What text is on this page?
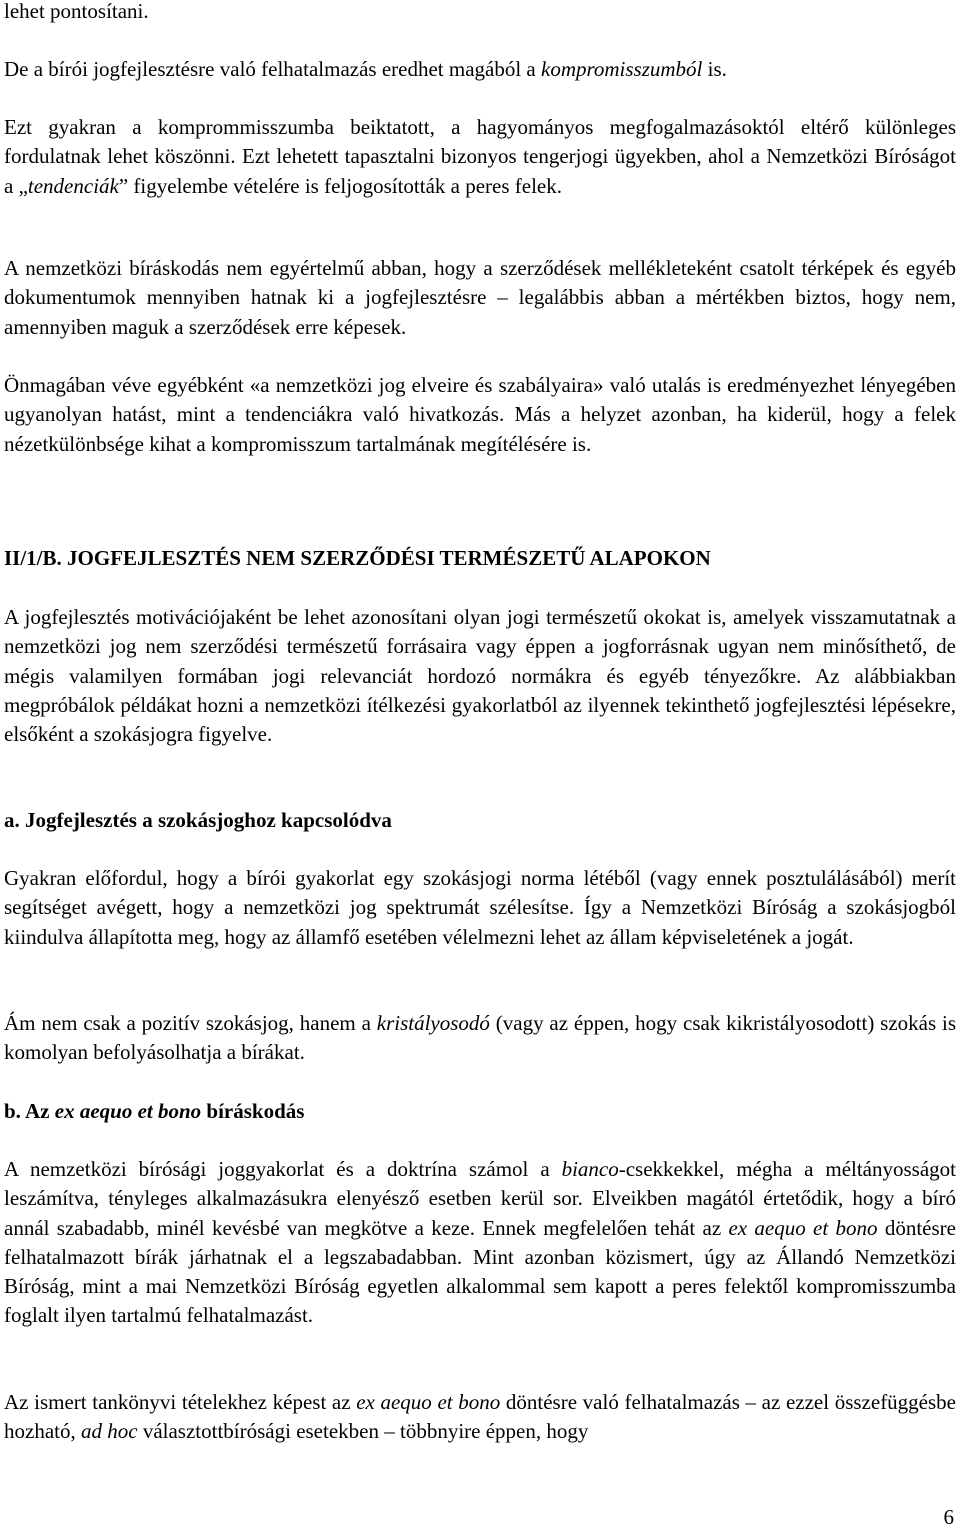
lehet pontosítani.

De a bírói jogfejlesztésre való felhatalmazás eredhet magából a kompromisszumból is.

Ezt gyakran a komprommisszumba beiktatott, a hagyományos megfogalmazásoktól eltérő különleges fordulatnak lehet köszönni. Ezt lehetett tapasztalni bizonyos tengerjogi ügyekben, ahol a Nemzetközi Bíróságot a „tendenciák” figyelembe vételére is feljogosították a peres felek.

A nemzetközi bíráskodás nem egyértelmű abban, hogy a szerződések mellékleteként csatolt térképek és egyéb dokumentumok mennyiben hatnak ki a jogfejlesztésre – legalábbis abban a mértékben biztos, hogy nem, amennyiben maguk a szerződések erre képesek.

Önmagában véve egyébként «a nemzetközi jog elveire és szabályaira» való utalás is eredményezhet lényegében ugyanolyan hatást, mint a tendenciákra való hivatkozás. Más a helyzet azonban, ha kiderül, hogy a felek nézetkülönbsége kihat a kompromisszum tartalmának megítélésére is.

II/1/B. JOGFEJLESZTÉS NEM SZERZŐDÉSI TERMÉSZETŰ ALAPOKON

A jogfejlesztés motivációjaként be lehet azonosítani olyan jogi természetű okokat is, amelyek visszamutatnak a nemzetközi jog nem szerződési természetű forrásaira vagy éppen a jogforrásnak ugyan nem minősíthető, de mégis valamilyen formában jogi relevanciát hordozó normákra és egyéb tényezőkre. Az alábbiakban megpróbálok példákat hozni a nemzetközi ítélkezési gyakorlatból az ilyennek tekinthető jogfejlesztési lépésekre, elsőként a szokásjogra figyelve.

a. Jogfejlesztés a szokásjoghoz kapcsolódva

Gyakran előfordul, hogy a bírói gyakorlat egy szokásjogi norma létéből (vagy ennek posztulálásából) merít segítséget avégett, hogy a nemzetközi jog spektrumát szélesítse. Így a Nemzetközi Bíróság a szokásjogból kiindulva állapította meg, hogy az államfő esetében vélelmezni lehet az állam képviseletének a jogát.

Ám nem csak a pozitív szokásjog, hanem a kristályosodó (vagy az éppen, hogy csak kikristályosodott) szokás is komolyan befolyásolhatja a bírákat.

b. Az ex aequo et bono bíráskodás

A nemzetközi bírósági joggyakorlat és a doktrína számol a bianco-csekkekkel, mégha a méltányosságot leszámítva, tényleges alkalmazásukra elenyésző esetben kerül sor. Elveikben magától értetődik, hogy a bíró annál szabadabb, minél kevésbé van megkötve a keze. Ennek megfelelően tehát az ex aequo et bono döntésre felhatalmazott bírák járhatnak el a legszabadabban. Mint azonban közismert, úgy az Állandó Nemzetközi Bíróság, mint a mai Nemzetközi Bíróság egyetlen alkalommal sem kapott a peres felektől kompromisszumba foglalt ilyen tartalmú felhatalmazást.

Az ismert tankönyvi tételekhez képest az ex aequo et bono döntésre való felhatalmazás – az ezzel összefüggésbe hozható, ad hoc választottbírósági esetekben – többnyire éppen, hogy

6
